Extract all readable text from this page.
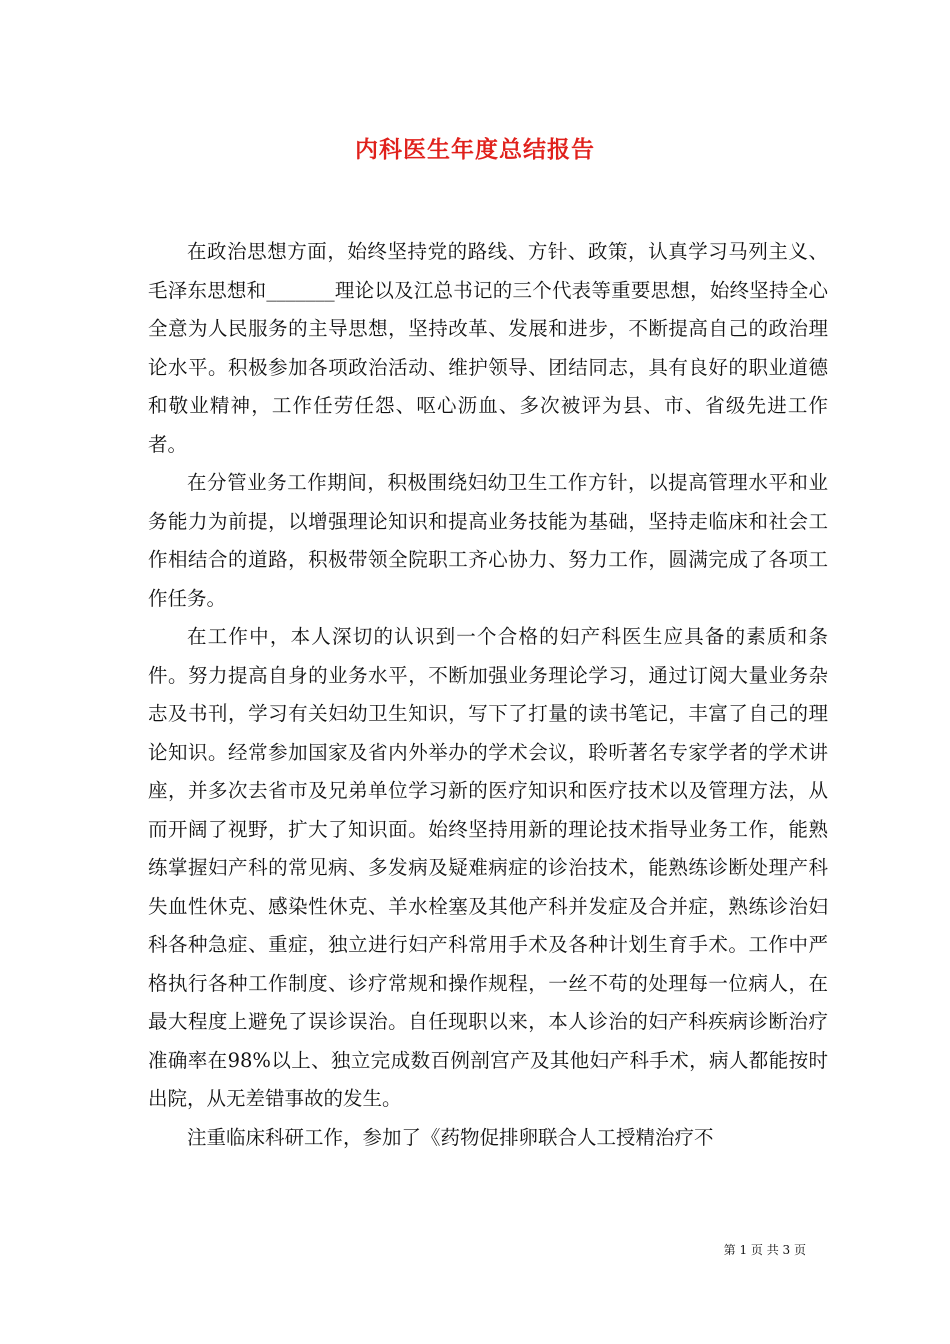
内科医生年度总结报告

在政治思想方面，始终坚持党的路线、方针、政策，认真学习马列主义、毛泽东思想和_______理论以及江总书记的三个代表等重要思想，始终坚持全心全意为人民服务的主导思想，坚持改革、发展和进步，不断提高自己的政治理论水平。积极参加各项政治活动、维护领导、团结同志，具有良好的职业道德和敬业精神，工作任劳任怨、呕心沥血、多次被评为县、市、省级先进工作者。

在分管业务工作期间，积极围绕妇幼卫生工作方针，以提高管理水平和业务能力为前提，以增强理论知识和提高业务技能为基础，坚持走临床和社会工作相结合的道路，积极带领全院职工齐心协力、努力工作，圆满完成了各项工作任务。

在工作中，本人深切的认识到一个合格的妇产科医生应具备的素质和条件。努力提高自身的业务水平，不断加强业务理论学习，通过订阅大量业务杂志及书刊，学习有关妇幼卫生知识，写下了打量的读书笔记，丰富了自己的理论知识。经常参加国家及省内外举办的学术会议，聆听著名专家学者的学术讲座，并多次去省市及兄弟单位学习新的医疗知识和医疗技术以及管理方法，从而开阔了视野，扩大了知识面。始终坚持用新的理论技术指导业务工作，能熟练掌握妇产科的常见病、多发病及疑难病症的诊治技术，能熟练诊断处理产科失血性休克、感染性休克、羊水栓塞及其他产科并发症及合并症，熟练诊治妇科各种急症、重症，独立进行妇产科常用手术及各种计划生育手术。工作中严格执行各种工作制度、诊疗常规和操作规程，一丝不苟的处理每一位病人，在最大程度上避免了误诊误治。自任现职以来，本人诊治的妇产科疾病诊断治疗准确率在98%以上、独立完成数百例剖宫产及其他妇产科手术，病人都能按时出院，从无差错事故的发生。

注重临床科研工作，参加了《药物促排卵联合人工授精治疗不

第 1 页 共 3 页
